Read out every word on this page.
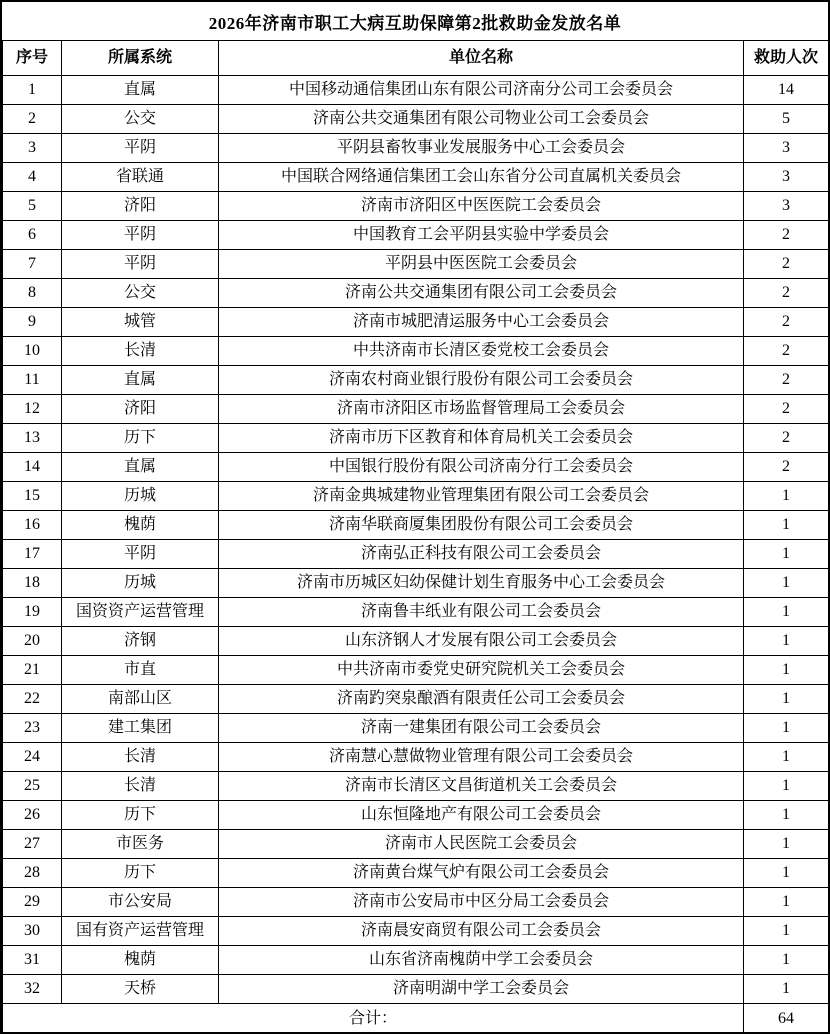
2026年济南市职工大病互助保障第2批救助金发放名单
序号	所属系统	单位名称	救助人次
1	直属	中国移动通信集团山东有限公司济南分公司工会委员会	14
2	公交	济南公共交通集团有限公司物业公司工会委员会	5
3	平阴	平阴县畜牧事业发展服务中心工会委员会	3
4	省联通	中国联合网络通信集团工会山东省分公司直属机关委员会	3
5	济阳	济南市济阳区中医医院工会委员会	3
6	平阴	中国教育工会平阴县实验中学委员会	2
7	平阴	平阴县中医医院工会委员会	2
8	公交	济南公共交通集团有限公司工会委员会	2
9	城管	济南市城肥清运服务中心工会委员会	2
10	长清	中共济南市长清区委党校工会委员会	2
11	直属	济南农村商业银行股份有限公司工会委员会	2
12	济阳	济南市济阳区市场监督管理局工会委员会	2
13	历下	济南市历下区教育和体育局机关工会委员会	2
14	直属	中国银行股份有限公司济南分行工会委员会	2
15	历城	济南金典城建物业管理集团有限公司工会委员会	1
16	槐荫	济南华联商厦集团股份有限公司工会委员会	1
17	平阴	济南弘正科技有限公司工会委员会	1
18	历城	济南市历城区妇幼保健计划生育服务中心工会委员会	1
19	国资资产运营管理	济南鲁丰纸业有限公司工会委员会	1
20	济钢	山东济钢人才发展有限公司工会委员会	1
21	市直	中共济南市委党史研究院机关工会委员会	1
22	南部山区	济南趵突泉酿酒有限责任公司工会委员会	1
23	建工集团	济南一建集团有限公司工会委员会	1
24	长清	济南慧心慧做物业管理有限公司工会委员会	1
25	长清	济南市长清区文昌街道机关工会委员会	1
26	历下	山东恒隆地产有限公司工会委员会	1
27	市医务	济南市人民医院工会委员会	1
28	历下	济南黄台煤气炉有限公司工会委员会	1
29	市公安局	济南市公安局市中区分局工会委员会	1
30	国有资产运营管理	济南晨安商贸有限公司工会委员会	1
31	槐荫	山东省济南槐荫中学工会委员会	1
32	天桥	济南明湖中学工会委员会	1
合计：			64
